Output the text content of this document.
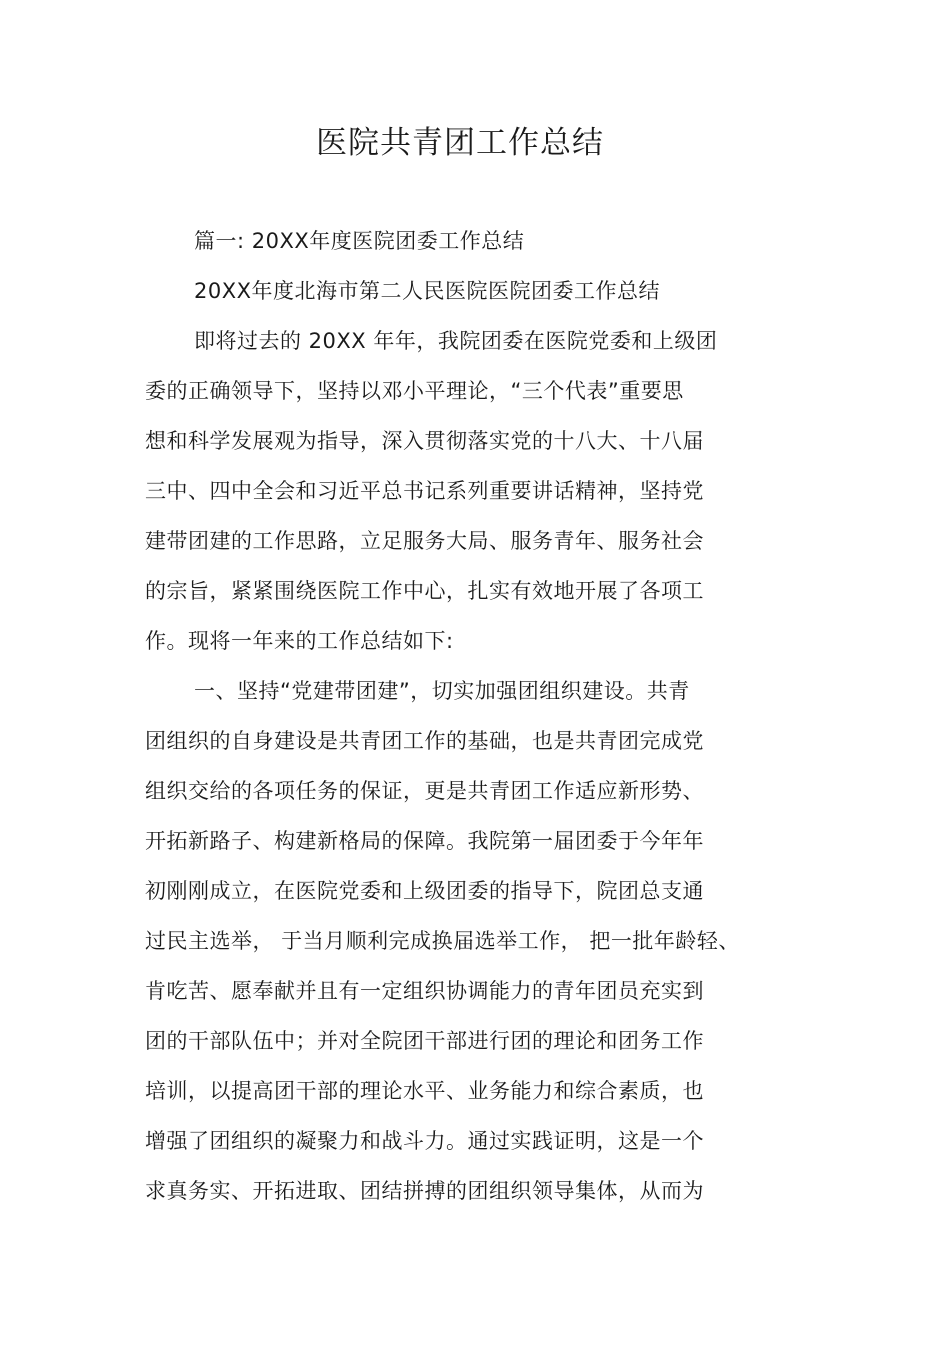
医院共青团工作总结
篇一: 20XX年度医院团委工作总结
20XX年度北海市第二人民医院医院团委工作总结
即将过去的 20XX 年年，我院团委在医院党委和上级团
委的正确领导下，坚持以邓小平理论，“三个代表”重要思
想和科学发展观为指导，深入贯彻落实党的十八大、十八届
三中、四中全会和习近平总书记系列重要讲话精神，坚持党
建带团建的工作思路，立足服务大局、服务青年、服务社会
的宗旨，紧紧围绕医院工作中心，扎实有效地开展了各项工
作。现将一年来的工作总结如下:
一、坚持“党建带团建”，切实加强团组织建设。共青
团组织的自身建设是共青团工作的基础，也是共青团完成党
组织交给的各项任务的保证，更是共青团工作适应新形势、
开拓新路子、构建新格局的保障。我院第一届团委于今年年
初刚刚成立，在医院党委和上级团委的指导下，院团总支通
过民主选举， 于当月顺利完成换届选举工作， 把一批年龄轻、
肯吃苦、愿奉献并且有一定组织协调能力的青年团员充实到
团的干部队伍中；并对全院团干部进行团的理论和团务工作
培训，以提高团干部的理论水平、业务能力和综合素质，也
增强了团组织的凝聚力和战斗力。通过实践证明，这是一个
求真务实、开拓进取、团结拼搏的团组织领导集体，从而为
